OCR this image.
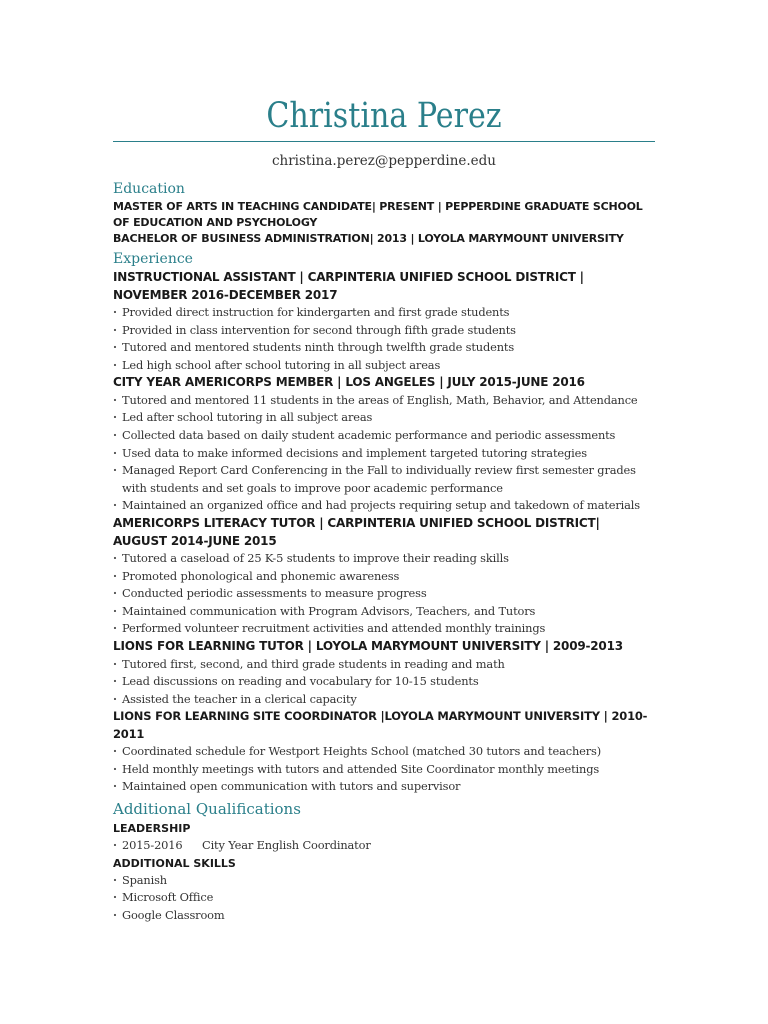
Christina Perez
christina.perez@pepperdine.edu
Education
MASTER OF ARTS IN TEACHING CANDIDATE| PRESENT | PEPPERDINE GRADUATE SCHOOL OF EDUCATION AND PSYCHOLOGY
BACHELOR OF BUSINESS ADMINISTRATION| 2013 | LOYOLA MARYMOUNT UNIVERSITY
Experience
INSTRUCTIONAL ASSISTANT | CARPINTERIA UNIFIED SCHOOL DISTRICT | NOVEMBER 2016-DECEMBER 2017
· Provided direct instruction for kindergarten and first grade students
· Provided in class intervention for second through fifth grade students
· Tutored and mentored students ninth through twelfth grade students
· Led high school after school tutoring in all subject areas
CITY YEAR AMERICORPS MEMBER | LOS ANGELES | JULY 2015-JUNE 2016
· Tutored and mentored 11 students in the areas of English, Math, Behavior, and Attendance
· Led after school tutoring in all subject areas
· Collected data based on daily student academic performance and periodic assessments
· Used data to make informed decisions and implement targeted tutoring strategies
· Managed Report Card Conferencing in the Fall to individually review first semester grades with students and set goals to improve poor academic performance
· Maintained an organized office and had projects requiring setup and takedown of materials
AMERICORPS LITERACY TUTOR | CARPINTERIA UNIFIED SCHOOL DISTRICT| AUGUST 2014-JUNE 2015
· Tutored a caseload of 25 K-5 students to improve their reading skills
· Promoted phonological and phonemic awareness
· Conducted periodic assessments to measure progress
· Maintained communication with Program Advisors, Teachers, and Tutors
· Performed volunteer recruitment activities and attended monthly trainings
LIONS FOR LEARNING TUTOR | LOYOLA MARYMOUNT UNIVERSITY | 2009-2013
· Tutored first, second, and third grade students in reading and math
· Lead discussions on reading and vocabulary for 10-15 students
· Assisted the teacher in a clerical capacity
LIONS FOR LEARNING SITE COORDINATOR |LOYOLA MARYMOUNT UNIVERSITY | 2010-2011
· Coordinated schedule for Westport Heights School (matched 30 tutors and teachers)
· Held monthly meetings with tutors and attended Site Coordinator monthly meetings
· Maintained open communication with tutors and supervisor
Additional Qualifications
LEADERSHIP
· 2015-2016 City Year English Coordinator
ADDITIONAL SKILLS
· Spanish
· Microsoft Office
· Google Classroom
